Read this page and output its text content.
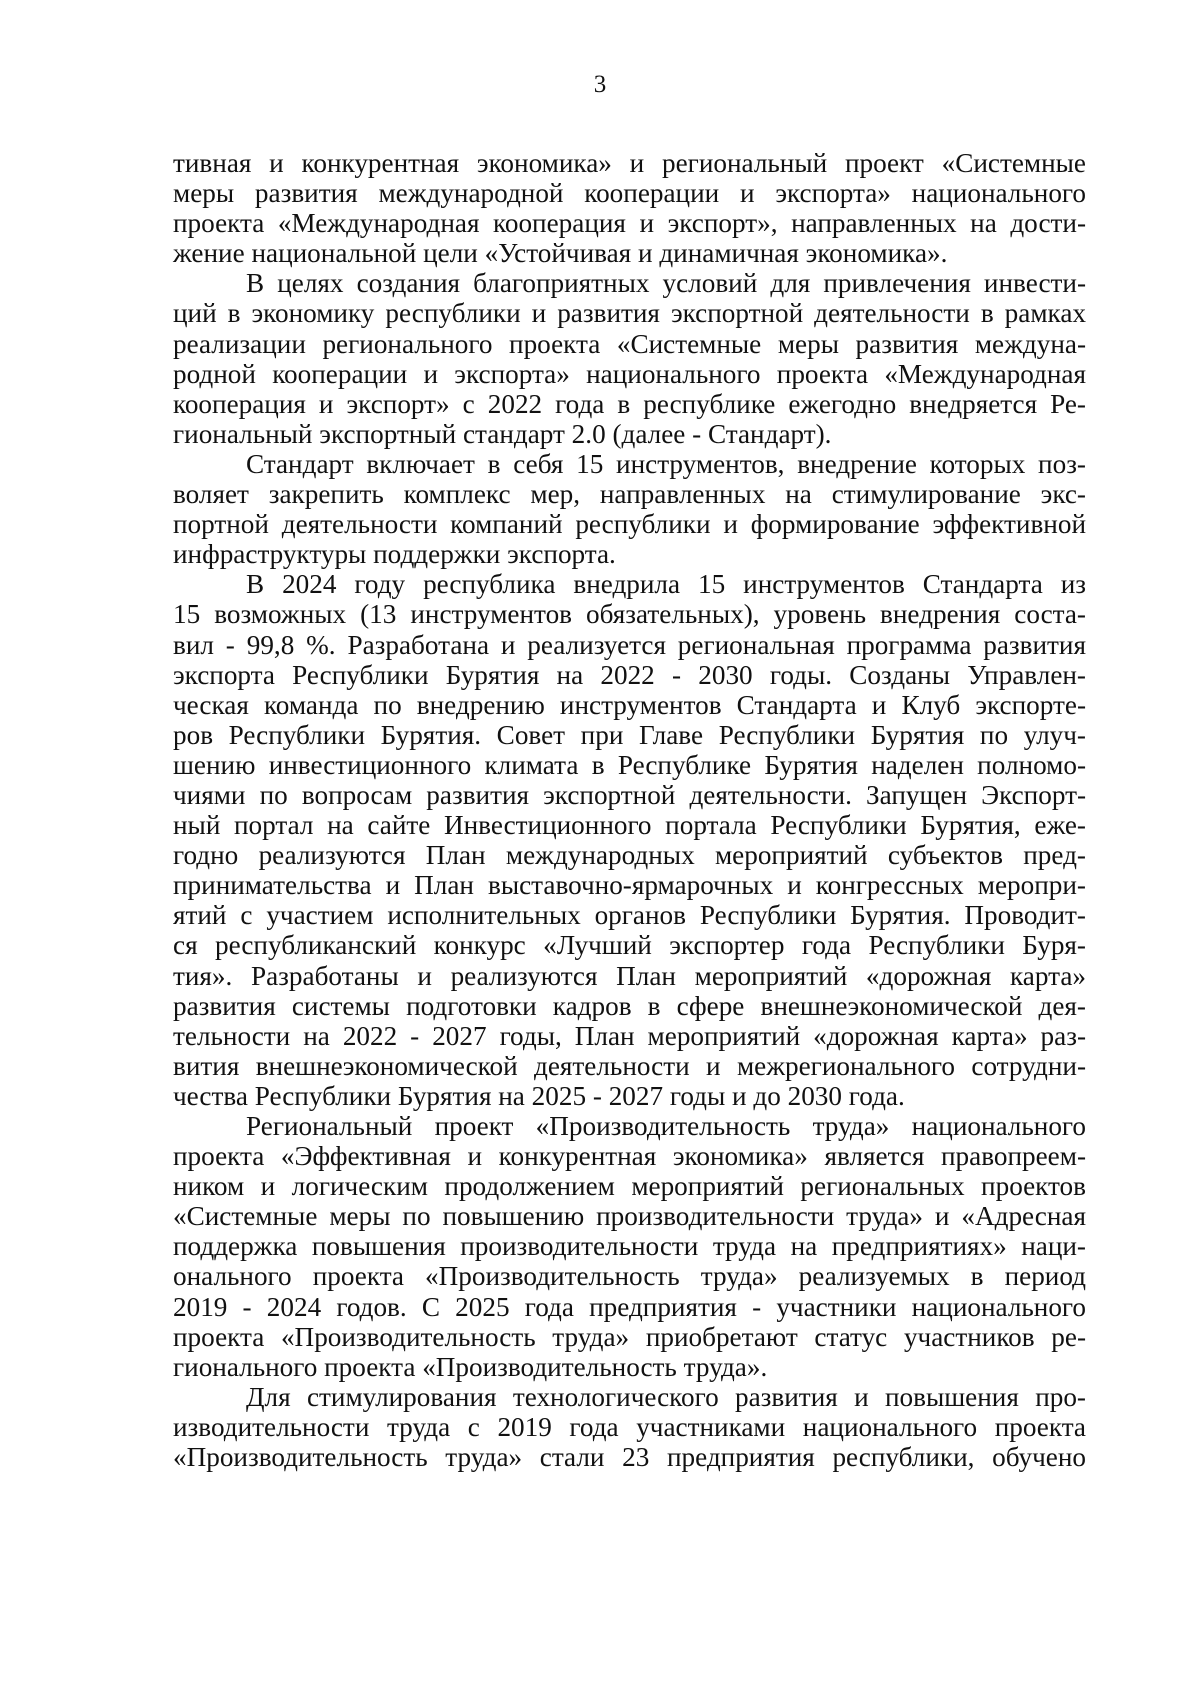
3
тивная и конкурентная экономика» и региональный проект «Системные
меры развития международной кооперации и экспорта» национального
проекта «Международная кооперация и экспорт», направленных на дости-
жение национальной цели «Устойчивая и динамичная экономика».
В целях создания благоприятных условий для привлечения инвести-
ций в экономику республики и развития экспортной деятельности в рамках
реализации регионального проекта «Системные меры развития междуна-
родной кооперации и экспорта» национального проекта «Международная
кооперация и экспорт» с 2022 года в республике ежегодно внедряется Ре-
гиональный экспортный стандарт 2.0 (далее - Стандарт).
Стандарт включает в себя 15 инструментов, внедрение которых поз-
воляет закрепить комплекс мер, направленных на стимулирование экс-
портной деятельности компаний республики и формирование эффективной
инфраструктуры поддержки экспорта.
В 2024 году республика внедрила 15 инструментов Стандарта из
15 возможных (13 инструментов обязательных), уровень внедрения соста-
вил - 99,8 %. Разработана и реализуется региональная программа развития
экспорта Республики Бурятия на 2022 - 2030 годы. Созданы Управлен-
ческая команда по внедрению инструментов Стандарта и Клуб экспорте-
ров Республики Бурятия. Совет при Главе Республики Бурятия по улуч-
шению инвестиционного климата в Республике Бурятия наделен полномо-
чиями по вопросам развития экспортной деятельности. Запущен Экспорт-
ный портал на сайте Инвестиционного портала Республики Бурятия, еже-
годно реализуются План международных мероприятий субъектов пред-
принимательства и План выставочно-ярмарочных и конгрессных меропри-
ятий с участием исполнительных органов Республики Бурятия. Проводит-
ся республиканский конкурс «Лучший экспортер года Республики Буря-
тия». Разработаны и реализуются План мероприятий «дорожная карта»
развития системы подготовки кадров в сфере внешнеэкономической дея-
тельности на 2022 - 2027 годы, План мероприятий «дорожная карта» раз-
вития внешнеэкономической деятельности и межрегионального сотрудни-
чества Республики Бурятия на 2025 - 2027 годы и до 2030 года.
Региональный проект «Производительность труда» национального
проекта «Эффективная и конкурентная экономика» является правопреем-
ником и логическим продолжением мероприятий региональных проектов
«Системные меры по повышению производительности труда» и «Адресная
поддержка повышения производительности труда на предприятиях» наци-
онального проекта «Производительность труда» реализуемых в период
2019 - 2024 годов. С 2025 года предприятия - участники национального
проекта «Производительность труда» приобретают статус участников ре-
гионального проекта «Производительность труда».
Для стимулирования технологического развития и повышения про-
изводительности труда с 2019 года участниками национального проекта
«Производительность труда» стали 23 предприятия республики, обучено
